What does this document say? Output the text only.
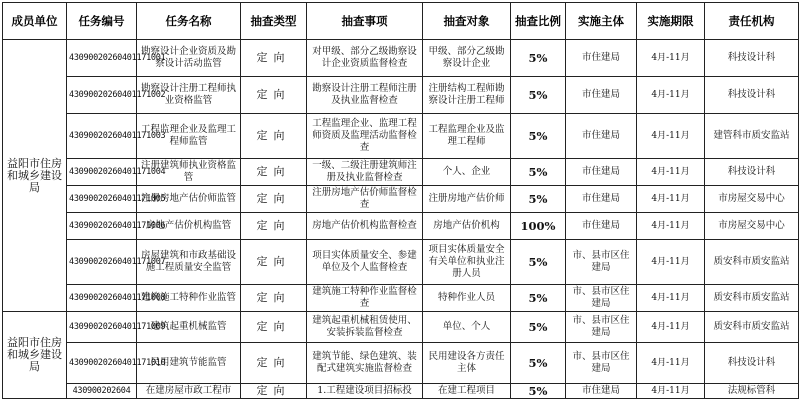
成员单位	任务编号	任务名称	抽查类型	抽查事项	抽查对象	抽查比例	实施主体	实施期限	责任机构
益阳市住房和城乡建设局	43090020260401171001	勘察设计企业资质及勘察设计活动监管	定向	对甲级、部分乙级勘察设计企业资质监督检查	甲级、部分乙级勘察设计企业	5%	市住建局	4月-11月	科技设计科
	43090020260401171002	勘察设计注册工程师执业资格监管	定向	勘察设计注册工程师注册及执业监督检查	注册结构工程师勘察设计注册工程师	5%	市住建局	4月-11月	科技设计科
	43090020260401171003	工程监理企业及监理工程师监管	定向	工程监理企业、监理工程师资质及监理活动监督检查	工程监理企业及监理工程师	5%	市住建局	4月-11月	建管科市质安监站
	43090020260401171004	注册建筑师执业资格监管	定向	一级、二级注册建筑师注册及执业监督检查	个人、企业	5%	市住建局	4月-11月	科技设计科
	43090020260401171005	注册房地产估价师监管	定向	注册房地产估价师监督检查	注册房地产估价师	5%	市住建局	4月-11月	市房屋交易中心
	43090020260401171006	房地产估价机构监管	定向	房地产估价机构监督检查	房地产估价机构	100%	市住建局	4月-11月	市房屋交易中心
	43090020260401171007	房屋建筑和市政基础设施工程质量安全监管	定向	项目实体质量安全、参建单位及个人监督检查	项目实体质量安全有关单位和执业注册人员	5%	市、县市区住建局	4月-11月	质安科市质安监站
	43090020260401171008	建筑施工特种作业监管	定向	建筑施工特种作业监督检查	特种作业人员	5%	市、县市区住建局	4月-11月	质安科市质安监站
益阳市住房和城乡建设局	43090020260401171009	建筑起重机械监管	定向	建筑起重机械租赁使用、安装拆装监督检查	单位、个人	5%	市、县市区住建局	4月-11月	质安科市质安监站
	43090020260401171010	民用建筑节能监管	定向	建筑节能、绿色建筑、装配式建筑实施监督检查	民用建设各方责任主体	5%	市、县市区住建局	4月-11月	科技设计科
	430900202604	在建房屋市政工程市	定向	1.工程建设项目招标投	在建工程项目	5%	市住建局	4月-11月	法规标管科
